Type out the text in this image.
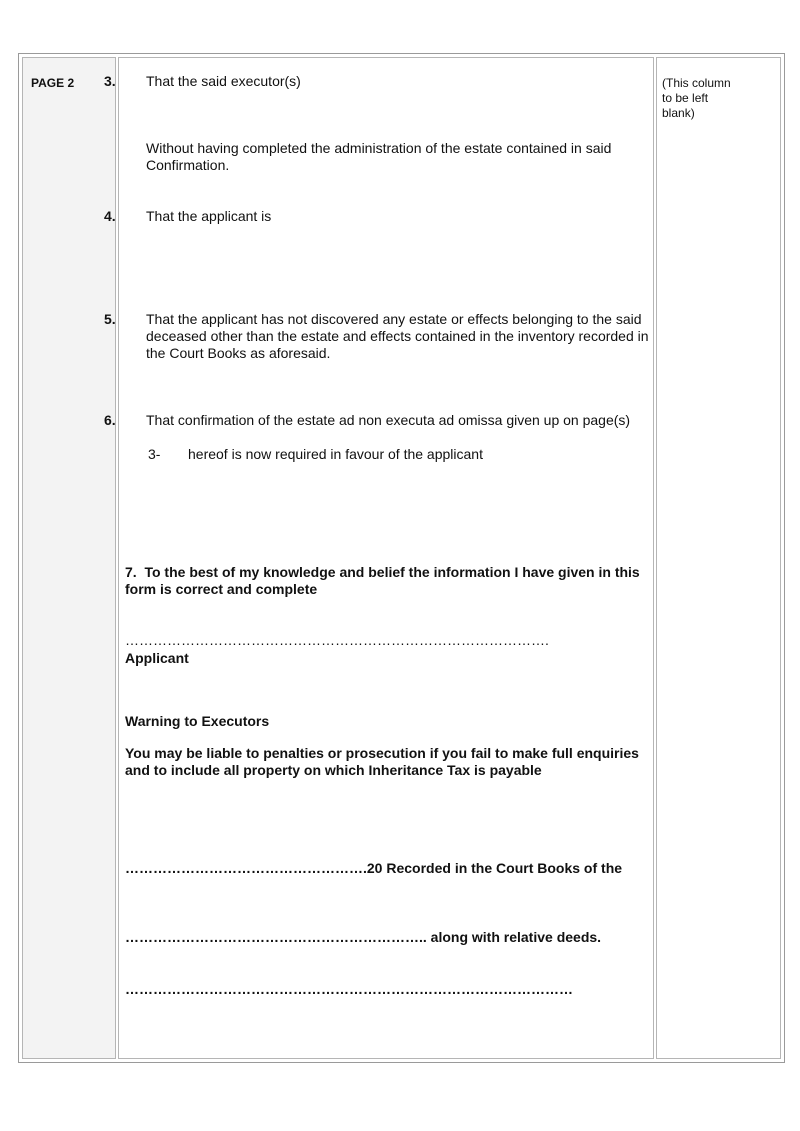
PAGE 2	(This column
to be left
blank)
3. That the said executor(s)
Without having completed the administration of the estate contained in said Confirmation.
4. That the applicant is
5. That the applicant has not discovered any estate or effects belonging to the said deceased other than the estate and effects contained in the inventory recorded in the Court Books as aforesaid.
6. That confirmation of the estate ad non executa ad omissa given up on page(s)
3- hereof is now required in favour of the applicant
7. To the best of my knowledge and belief the information I have given in this form is correct and complete
……………………………………………………………………………….
Applicant
Warning to Executors
You may be liable to penalties or prosecution if you fail to make full enquiries and to include all property on which Inheritance Tax is payable
…………………………………………….20 Recorded in the Court Books of the
……………………………………………………….. along with relative deeds.
……………………………………………………………………………………
